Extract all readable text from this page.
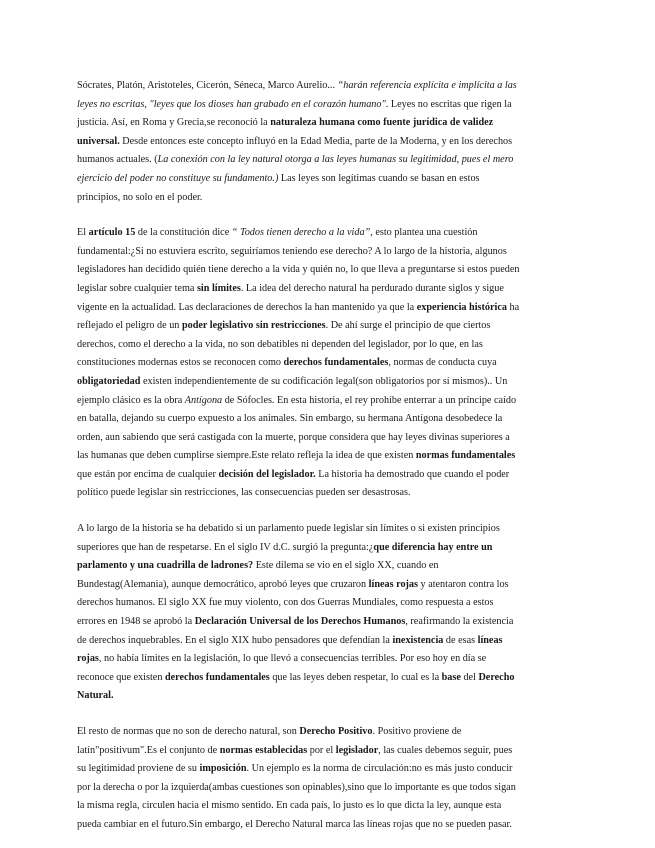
Sócrates, Platón, Aristoteles, Cicerón, Séneca, Marco Aurelio... “harán referencia explícita e implícita a las leyes no escritas, "leyes que los dioses han grabado en el corazón humano". Leyes no escritas que rigen la justicia. Así, en Roma y Grecia,se reconoció la naturaleza humana como fuente jurídica de validez universal. Desde entonces este concepto influyó en la Edad Media, parte de la Moderna, y en los derechos humanos actuales. (La conexión con la ley natural otorga a las leyes humanas su legitimidad, pues el mero ejercicio del poder no constituye su fundamento.) Las leyes son legítimas cuando se basan en estos principios, no solo en el poder.

El artículo 15 de la constitución dice “ Todos tienen derecho a la vida”, esto plantea una cuestión fundamental:¿Si no estuviera escrito, seguiríamos teniendo ese derecho? A lo largo de la historia, algunos legisladores han decidido quién tiene derecho a la vida y quién no, lo que lleva a preguntarse si estos pueden legislar sobre cualquier tema sin límites. La idea del derecho natural ha perdurado durante siglos y sigue vigente en la actualidad. Las declaraciones de derechos la han mantenido ya que la experiencia histórica ha reflejado el peligro de un poder legislativo sin restricciones. De ahí surge el principio de que ciertos derechos, como el derecho a la vida, no son debatibles ni dependen del legislador, por lo que, en las constituciones modernas estos se reconocen como derechos fundamentales, normas de conducta cuya obligatoriedad existen independientemente de su codificación legal(son obligatorios por sí mismos).. Un ejemplo clásico es la obra Antígona de Sófocles. En esta historia, el rey prohíbe enterrar a un príncipe caído en batalla, dejando su cuerpo expuesto a los animales. Sin embargo, su hermana Antígona desobedece la orden, aun sabiendo que será castigada con la muerte, porque considera que hay leyes divinas superiores a las humanas que deben cumplirse siempre.Este relato refleja la idea de que existen normas fundamentales que están por encima de cualquier decisión del legislador. La historia ha demostrado que cuando el poder político puede legislar sin restricciones, las consecuencias pueden ser desastrosas.

A lo largo de la historia se ha debatido si un parlamento puede legislar sin límites o si existen principios superiores que han de respetarse. En el siglo IV d.C. surgió la pregunta:¿que diferencia hay entre un parlamento y una cuadrilla de ladrones? Este dilema se vio en el siglo XX, cuando en Bundestag(Alemania), aunque democrático, aprobó leyes que cruzaron líneas rojas y atentaron contra los derechos humanos. El siglo XX fue muy violento, con dos Guerras Mundiales, como respuesta a estos errores en 1948 se aprobó la Declaración Universal de los Derechos Humanos, reafirmando la existencia de derechos inquebrables. En el siglo XIX hubo pensadores que defendían la inexistencia de esas líneas rojas, no había límites en la legislación, lo que llevó a consecuencias terribles. Por eso hoy en día se reconoce que existen derechos fundamentales que las leyes deben respetar, lo cual es la base del Derecho Natural.

El resto de normas que no son de derecho natural, son Derecho Positivo. Positivo proviene de latín"positivum".Es el conjunto de normas establecidas por el legislador, las cuales debemos seguir, pues su legitimidad proviene de su imposición. Un ejemplo es la norma de circulación:no es más justo conducir por la derecha o por la izquierda(ambas cuestiones son opinables),sino que lo importante es que todos sigan la misma regla, circulen hacia el mismo sentido. En cada país, lo justo es lo que dicta la ley, aunque esta pueda cambiar en el futuro.Sin embargo, el Derecho Natural marca las líneas rojas que no se pueden pasar.
